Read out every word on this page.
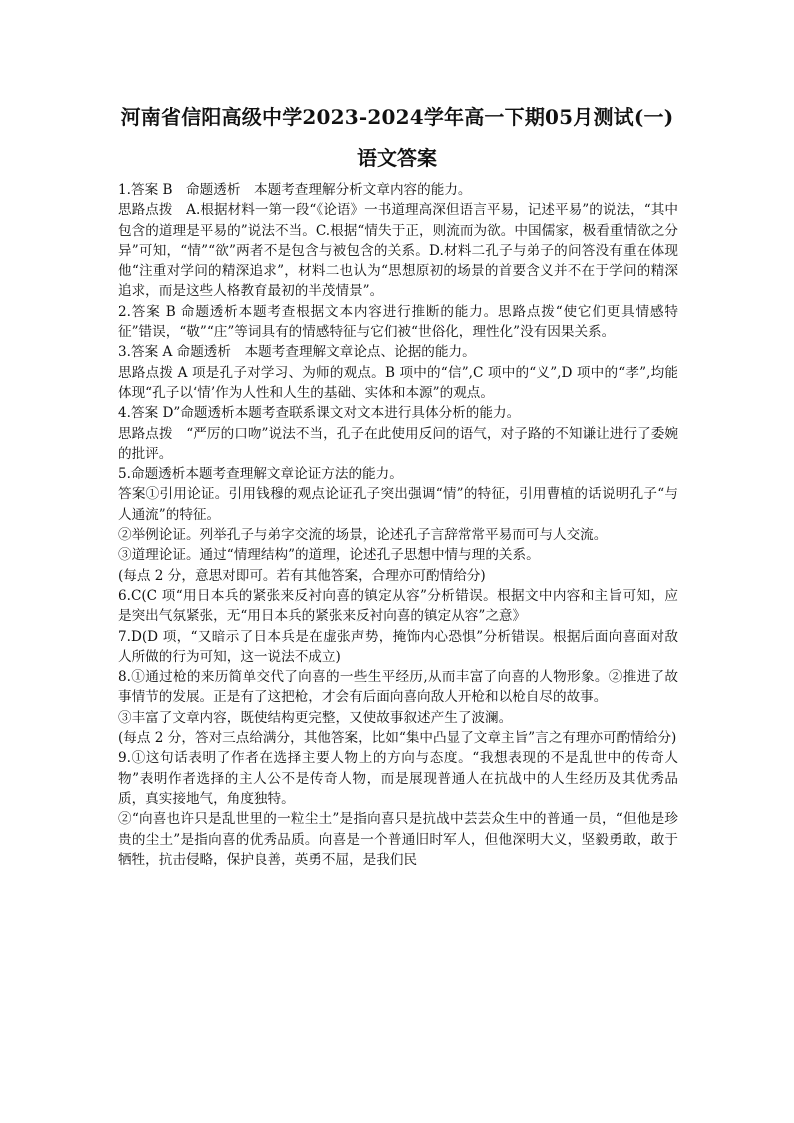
河南省信阳高级中学2023-2024学年高一下期05月测试(一)
语文答案

1.答案 B　命题透析　本题考查理解分析文章内容的能力。

思路点拨　A.根据材料一第一段“《论语》一书道理高深但语言平易，记述平易”的说法，“其中包含的道理是平易的”说法不当。C.根据“情失于正，则流而为欲。中国儒家，极看重情欲之分异”可知，“情”“欲”两者不是包含与被包含的关系。D.材料二孔子与弟子的问答没有重在体现他“注重对学问的精深追求”，材料二也认为“思想原初的场景的首要含义并不在于学问的精深追求，而是这些人格教育最初的半茂情景”。

2.答案 B 命题透析本题考查根据文本内容进行推断的能力。思路点拨“使它们更具情感特征”错误，“敬”“庄”等词具有的情感特征与它们被“世俗化，理性化”没有因果关系。

3.答案 A 命题透析　本题考查理解文章论点、论据的能力。

思路点拨 A 项是孔子对学习、为师的观点。B 项中的“信”,C 项中的“义”,D 项中的“孝”,均能体现“孔子以‘情’作为人性和人生的基础、实体和本源”的观点。

4.答案 D”命题透析本题考查联系课文对文本进行具体分析的能力。

思路点拨　“严厉的口吻”说法不当，孔子在此使用反问的语气，对子路的不知谦让进行了委婉的批评。

5.命题透析本题考查理解文章论证方法的能力。

答案①引用论证。引用钱穆的观点论证孔子突出强调“情”的特征，引用曹植的话说明孔子“与人通流”的特征。

②举例论证。列举孔子与弟字交流的场景，论述孔子言辞常常平易而可与人交流。

③道理论证。通过“情理结构”的道理，论述孔子思想中情与理的关系。

(每点 2 分，意思对即可。若有其他答案，合理亦可酌情给分)

6.C(C 项“用日本兵的紧张来反衬向喜的镇定从容”分析错误。根据文中内容和主旨可知，应是突出气氛紧张，无“用日本兵的紧张来反衬向喜的镇定从容”之意》

7.D(D 项，“又暗示了日本兵是在虚张声势，掩饰内心恐惧”分析错误。根据后面向喜面对敌人所做的行为可知，这一说法不成立)

8.①通过枪的来历简单交代了向喜的一些生平经历,从而丰富了向喜的人物形象。②推进了故事情节的发展。正是有了这把枪，才会有后面向喜向敌人开枪和以枪自尽的故事。

③丰富了文章内容，既使结构更完整，又使故事叙述产生了波澜。

(每点 2 分，答对三点给满分，其他答案，比如“集中凸显了文章主旨”言之有理亦可酌情给分)

9.①这句话表明了作者在选择主要人物上的方向与态度。“我想表现的不是乱世中的传奇人物”表明作者选择的主人公不是传奇人物，而是展现普通人在抗战中的人生经历及其优秀品质，真实接地气，角度独特。

②“向喜也许只是乱世里的一粒尘土”是指向喜只是抗战中芸芸众生中的普通一员，“但他是珍贵的尘土”是指向喜的优秀品质。向喜是一个普通旧时军人，但他深明大义，坚毅勇敢，敢于牺牲，抗击侵略，保护良善，英勇不屈，是我们民
